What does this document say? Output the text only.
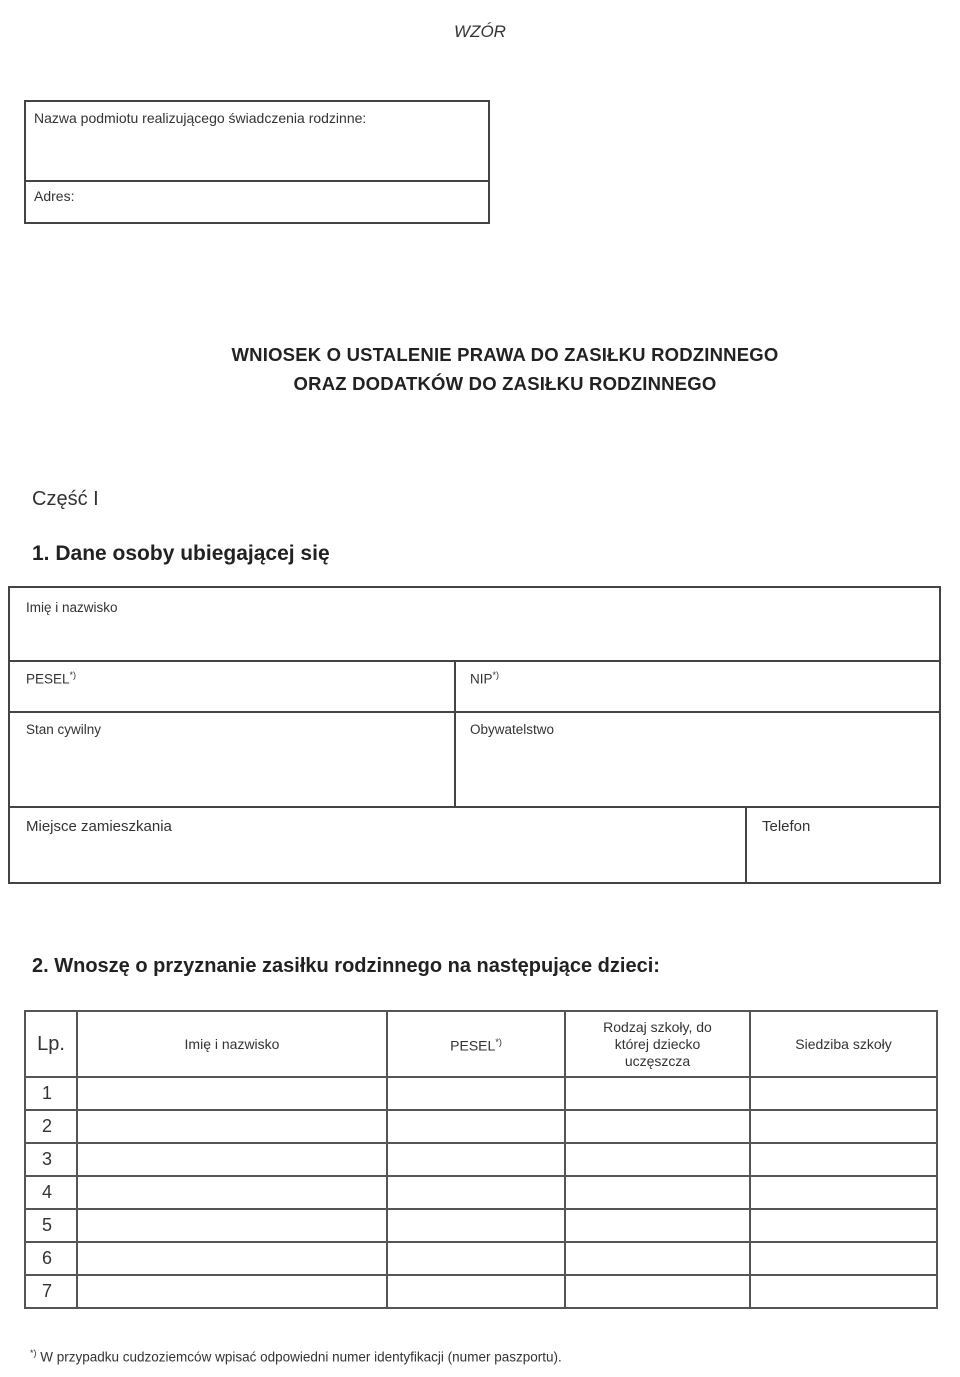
WZÓR
Nazwa podmiotu realizującego świadczenia rodzinne:
Adres:
WNIOSEK O USTALENIE PRAWA DO ZASIŁKU RODZINNEGO
ORAZ DODATKÓW DO ZASIŁKU RODZINNEGO
Część I
1. Dane osoby ubiegającej się
Imię i nazwisko
PESEL*)	NIP*)
Stan cywilny	Obywatelstwo
Miejsce zamieszkania	Telefon
2. Wnoszę o przyznanie zasiłku rodzinnego na następujące dzieci:
Lp.	Imię i nazwisko	PESEL*)	Rodzaj szkoły, do której dziecko uczęszcza	Siedziba szkoły
1				
2				
3				
4				
5				
6				
7				
*) W przypadku cudzoziemców wpisać odpowiedni numer identyfikacji (numer paszportu).
